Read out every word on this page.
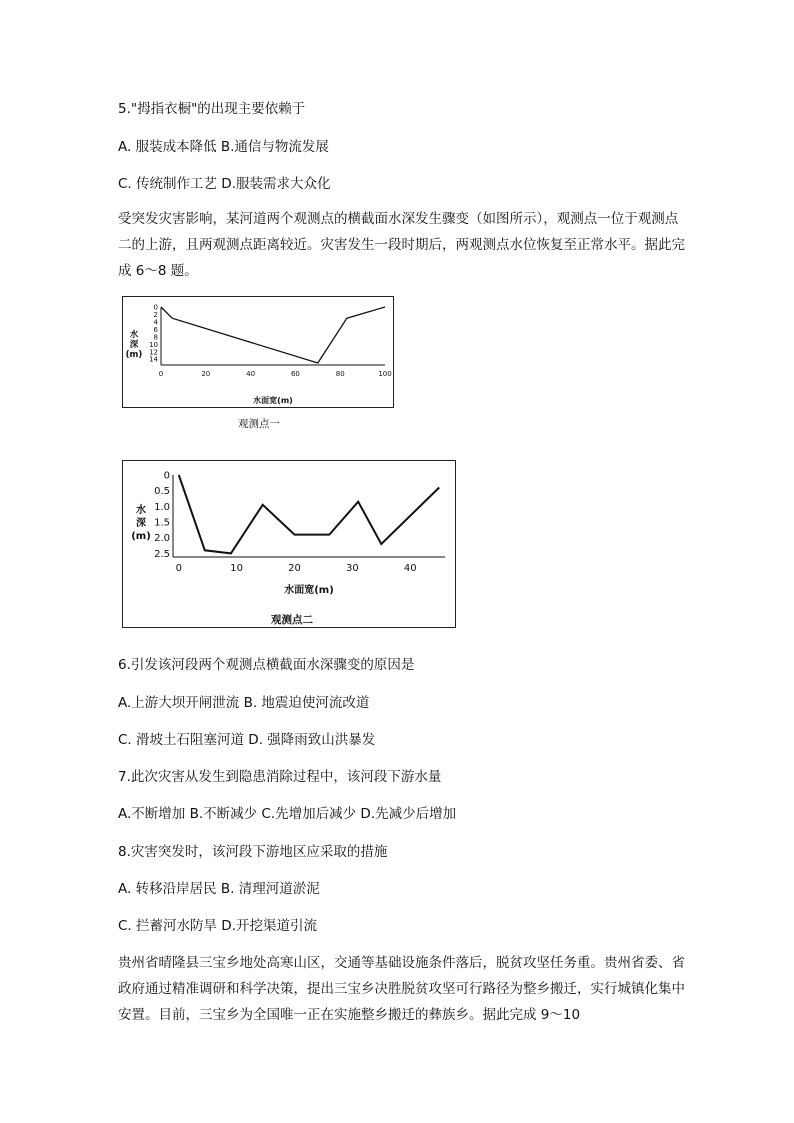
5."拇指衣橱"的出现主要依赖于
A. 服装成本降低 B.通信与物流发展
C. 传统制作工艺 D.服装需求大众化
受突发灾害影响，某河道两个观测点的横截面水深发生骤变（如图所示），观测点一位于观测点二的上游，且两观测点距离较近。灾害发生一段时期后，两观测点水位恢复至正常水平。据此完成 6～8 题。
0
2
4
6
8
10
12
14
0	20	40	60	80	100
水
深
(m)
水面宽(m)
观测点一
0
0.5
1.0
1.5
2.0
2.5
0	10	20	30	40
水
深
(m)
水面宽(m)
观测点二
6.引发该河段两个观测点横截面水深骤变的原因是
A.上游大坝开闸泄流 B. 地震迫使河流改道
C. 滑坡土石阻塞河道 D. 强降雨致山洪暴发
7.此次灾害从发生到隐患消除过程中，该河段下游水量
A.不断增加 B.不断减少 C.先增加后减少 D.先减少后增加
8.灾害突发时，该河段下游地区应采取的措施
A. 转移沿岸居民 B. 清理河道淤泥
C. 拦蓄河水防旱 D.开挖渠道引流
贵州省晴隆县三宝乡地处高寒山区，交通等基础设施条件落后，脱贫攻坚任务重。贵州省委、省政府通过精准调研和科学决策，提出三宝乡决胜脱贫攻坚可行路径为整乡搬迁，实行城镇化集中安置。目前，三宝乡为全国唯一正在实施整乡搬迁的彝族乡。据此完成 9～10
